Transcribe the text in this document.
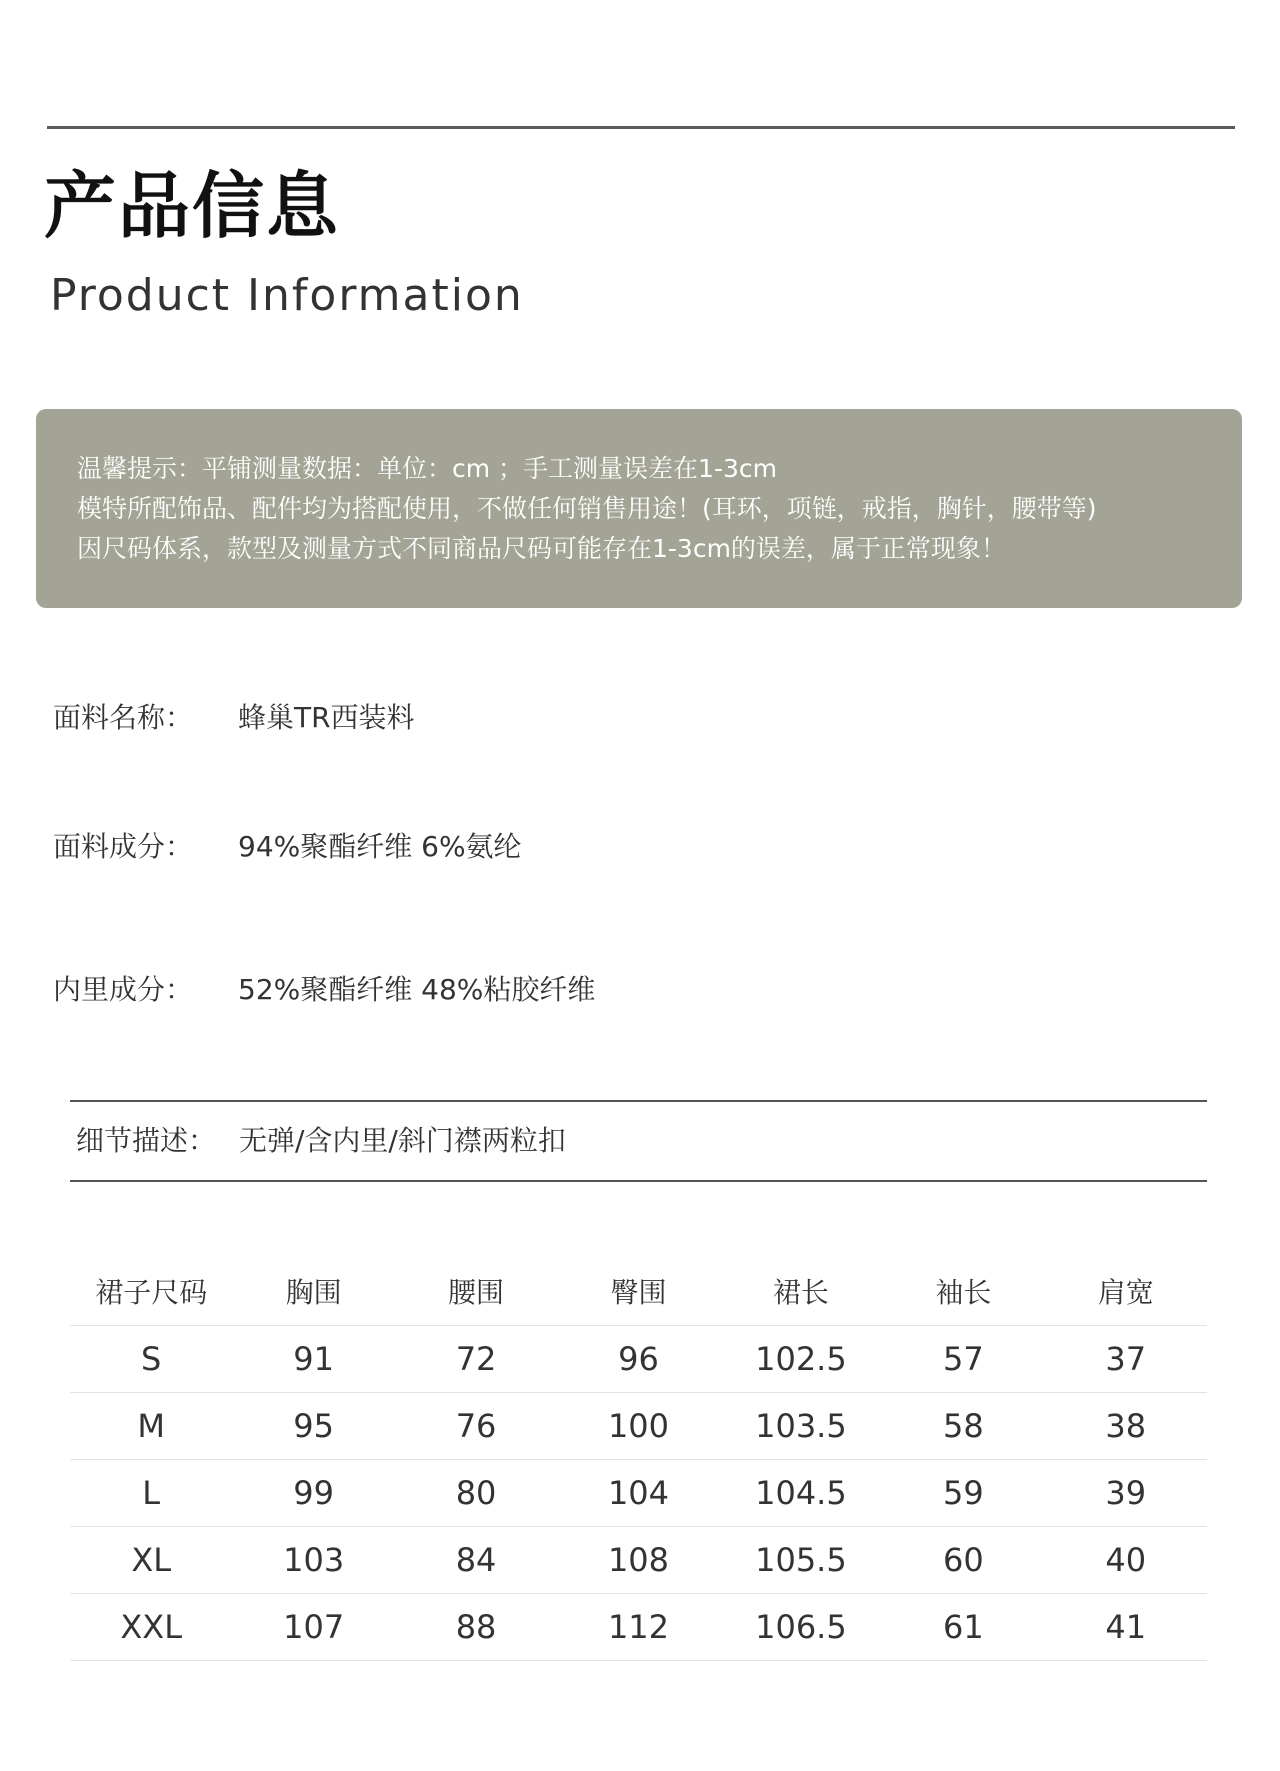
产品信息
Product Information
温馨提示：平铺测量数据：单位：cm ；手工测量误差在1-3cm
模特所配饰品、配件均为搭配使用，不做任何销售用途！(耳环，项链，戒指，胸针，腰带等)
因尺码体系，款型及测量方式不同商品尺码可能存在1-3cm的误差，属于正常现象！
面料名称： 蜂巢TR西装料
面料成分： 94%聚酯纤维 6%氨纶
内里成分： 52%聚酯纤维 48%粘胶纤维
细节描述： 无弹/含内里/斜门襟两粒扣
裙子尺码	胸围	腰围	臀围	裙长	袖长	肩宽
S	91	72	96	102.5	57	37
M	95	76	100	103.5	58	38
L	99	80	104	104.5	59	39
XL	103	84	108	105.5	60	40
XXL	107	88	112	106.5	61	41
